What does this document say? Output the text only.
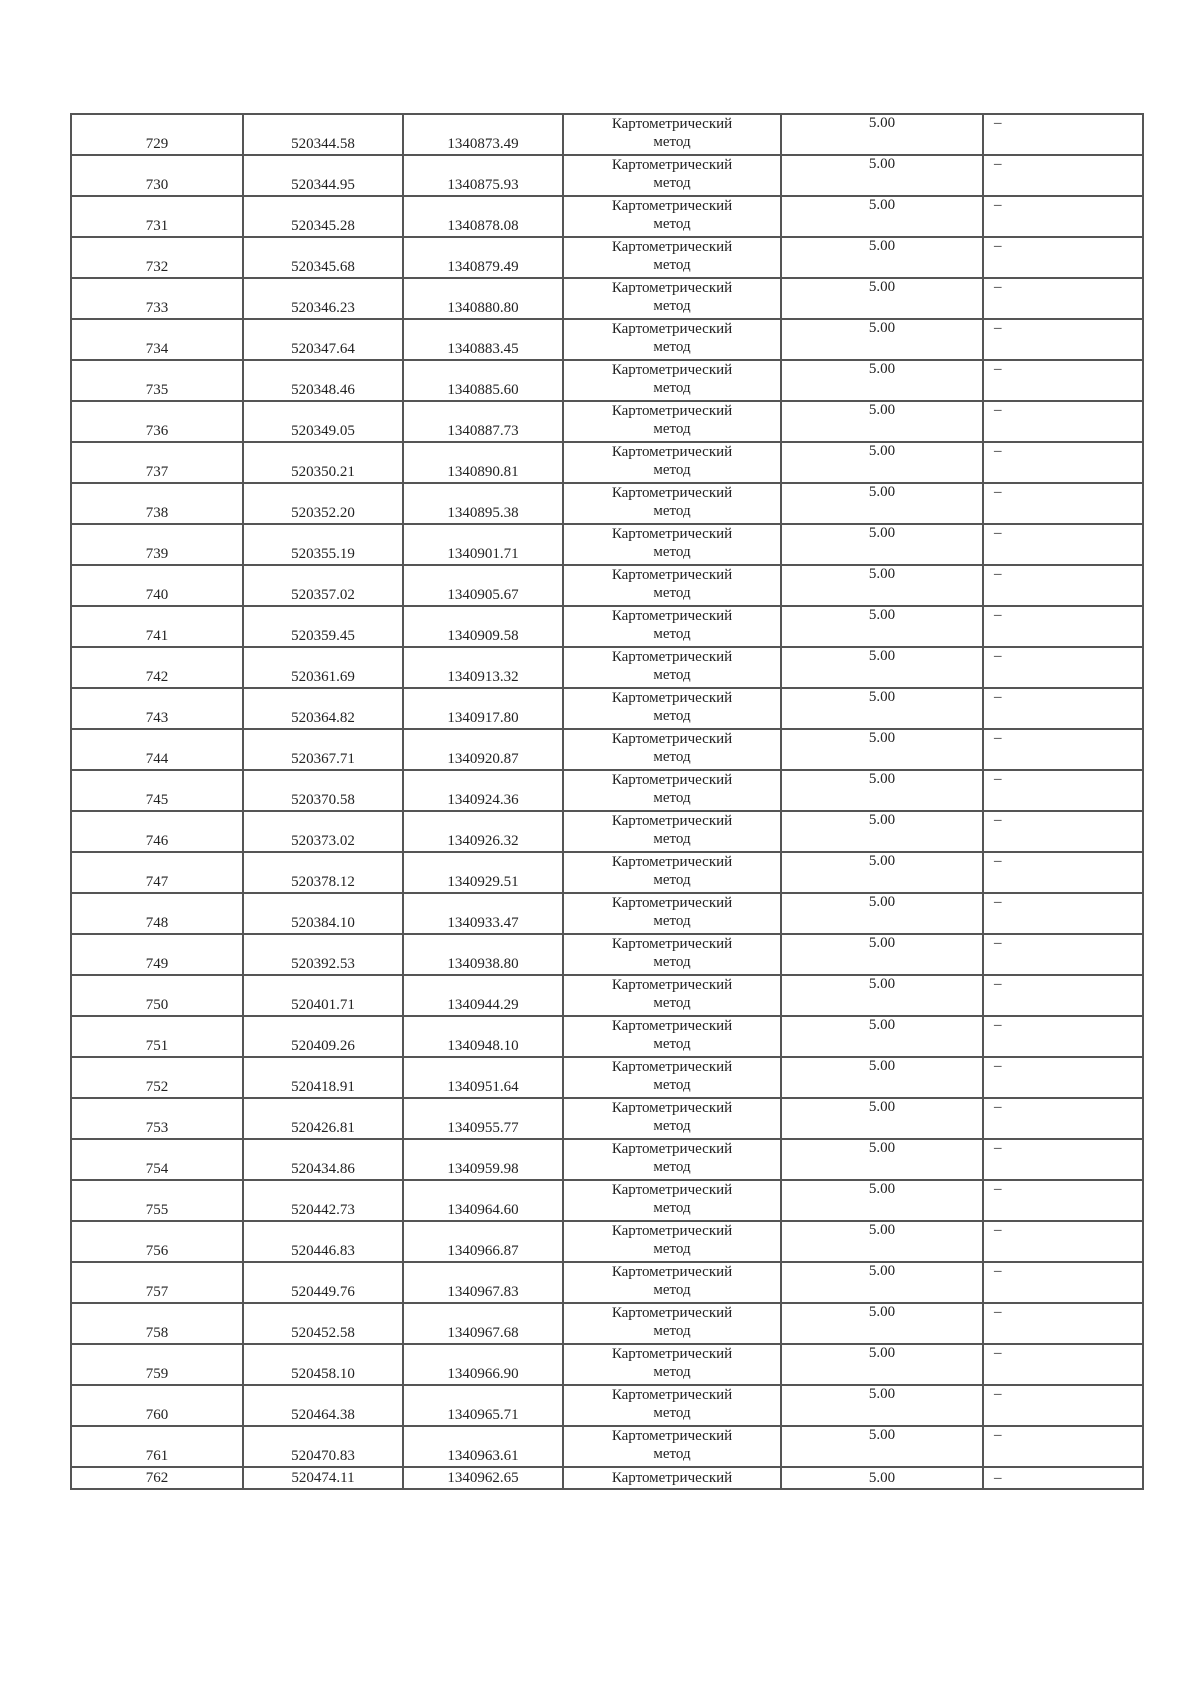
729	520344.58	1340873.49	Картометрический
метод	5.00	–

730	520344.95	1340875.93	Картометрический
метод	5.00	–

731	520345.28	1340878.08	Картометрический
метод	5.00	–

732	520345.68	1340879.49	Картометрический
метод	5.00	–

733	520346.23	1340880.80	Картометрический
метод	5.00	–

734	520347.64	1340883.45	Картометрический
метод	5.00	–

735	520348.46	1340885.60	Картометрический
метод	5.00	–

736	520349.05	1340887.73	Картометрический
метод	5.00	–

737	520350.21	1340890.81	Картометрический
метод	5.00	–

738	520352.20	1340895.38	Картометрический
метод	5.00	–

739	520355.19	1340901.71	Картометрический
метод	5.00	–

740	520357.02	1340905.67	Картометрический
метод	5.00	–

741	520359.45	1340909.58	Картометрический
метод	5.00	–

742	520361.69	1340913.32	Картометрический
метод	5.00	–

743	520364.82	1340917.80	Картометрический
метод	5.00	–

744	520367.71	1340920.87	Картометрический
метод	5.00	–

745	520370.58	1340924.36	Картометрический
метод	5.00	–

746	520373.02	1340926.32	Картометрический
метод	5.00	–

747	520378.12	1340929.51	Картометрический
метод	5.00	–

748	520384.10	1340933.47	Картометрический
метод	5.00	–

749	520392.53	1340938.80	Картометрический
метод	5.00	–

750	520401.71	1340944.29	Картометрический
метод	5.00	–

751	520409.26	1340948.10	Картометрический
метод	5.00	–

752	520418.91	1340951.64	Картометрический
метод	5.00	–

753	520426.81	1340955.77	Картометрический
метод	5.00	–

754	520434.86	1340959.98	Картометрический
метод	5.00	–

755	520442.73	1340964.60	Картометрический
метод	5.00	–

756	520446.83	1340966.87	Картометрический
метод	5.00	–

757	520449.76	1340967.83	Картометрический
метод	5.00	–

758	520452.58	1340967.68	Картометрический
метод	5.00	–

759	520458.10	1340966.90	Картометрический
метод	5.00	–

760	520464.38	1340965.71	Картометрический
метод	5.00	–

761	520470.83	1340963.61	Картометрический
метод	5.00	–

762	520474.11	1340962.65	Картометрический	5.00	–
